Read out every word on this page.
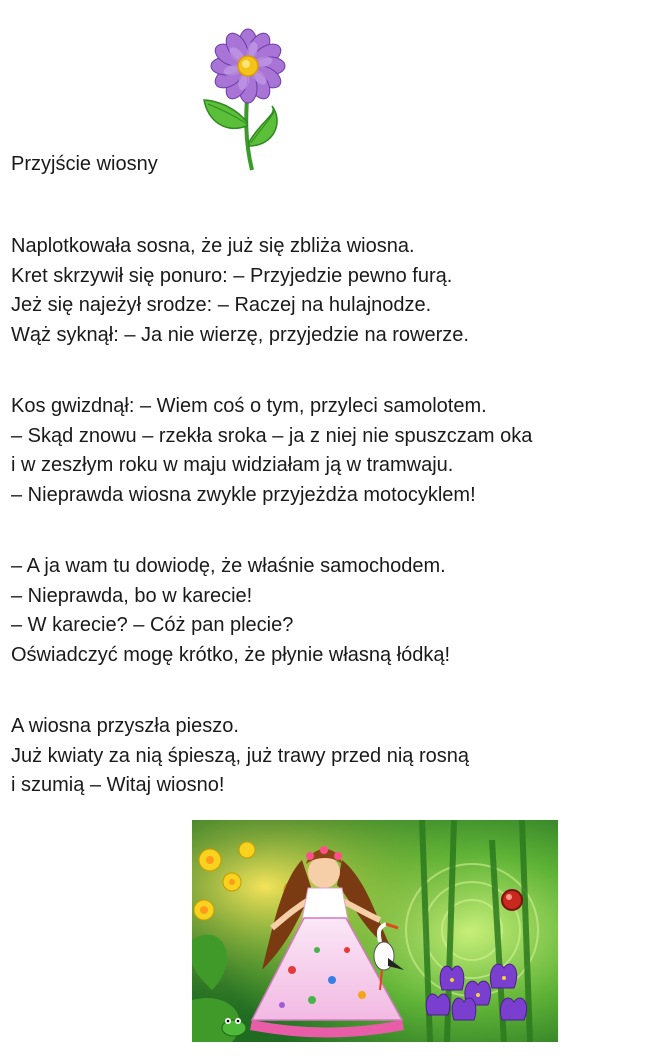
Przyjście wiosny
Naplotkowała sosna, że już się zbliża wiosna.
Kret skrzywił się ponuro: – Przyjedzie pewno furą.
Jeż się najeżył srodze: – Raczej na hulajnodze.
Wąż syknął: – Ja nie wierzę, przyjedzie na rowerze.
Kos gwizdnął: – Wiem coś o tym, przyleci samolotem.
– Skąd znowu – rzekła sroka – ja z niej nie spuszczam oka
i w zeszłym roku w maju widziałam ją w tramwaju.
– Nieprawda wiosna zwykle przyjeżdża motocyklem!
– A ja wam tu dowiodę, że właśnie samochodem.
– Nieprawda, bo w karecie!
– W karecie? – Cóż pan plecie?
Oświadczyć mogę krótko, że płynie własną łódką!
A wiosna przyszła pieszo.
Już kwiaty za nią śpieszą, już trawy przed nią rosną
i szumią – Witaj wiosno!
